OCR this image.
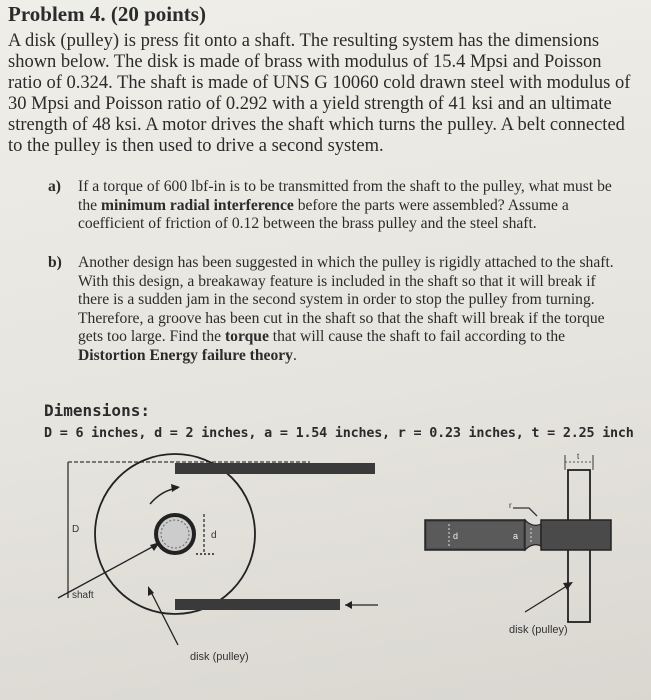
Problem 4. (20 points)
A disk (pulley) is press fit onto a shaft. The resulting system has the dimensions shown below. The disk is made of brass with modulus of 15.4 Mpsi and Poisson ratio of 0.324. The shaft is made of UNS G 10060 cold drawn steel with modulus of 30 Mpsi and Poisson ratio of 0.292 with a yield strength of 41 ksi and an ultimate strength of 48 ksi. A motor drives the shaft which turns the pulley. A belt connected to the pulley is then used to drive a second system.
a) If a torque of 600 lbf-in is to be transmitted from the shaft to the pulley, what must be the minimum radial interference before the parts were assembled? Assume a coefficient of friction of 0.12 between the brass pulley and the steel shaft.
b) Another design has been suggested in which the pulley is rigidly attached to the shaft. With this design, a breakaway feature is included in the shaft so that it will break if there is a sudden jam in the second system in order to stop the pulley from turning. Therefore, a groove has been cut in the shaft so that the shaft will break if the torque gets too large. Find the torque that will cause the shaft to fail according to the Distortion Energy failure theory.
Dimensions:
D = 6 inches, d = 2 inches, a = 1.54 inches, r = 0.23 inches, t = 2.25 inch
d
D
shaft
disk (pulley)
t
r
d	a
disk (pulley)
